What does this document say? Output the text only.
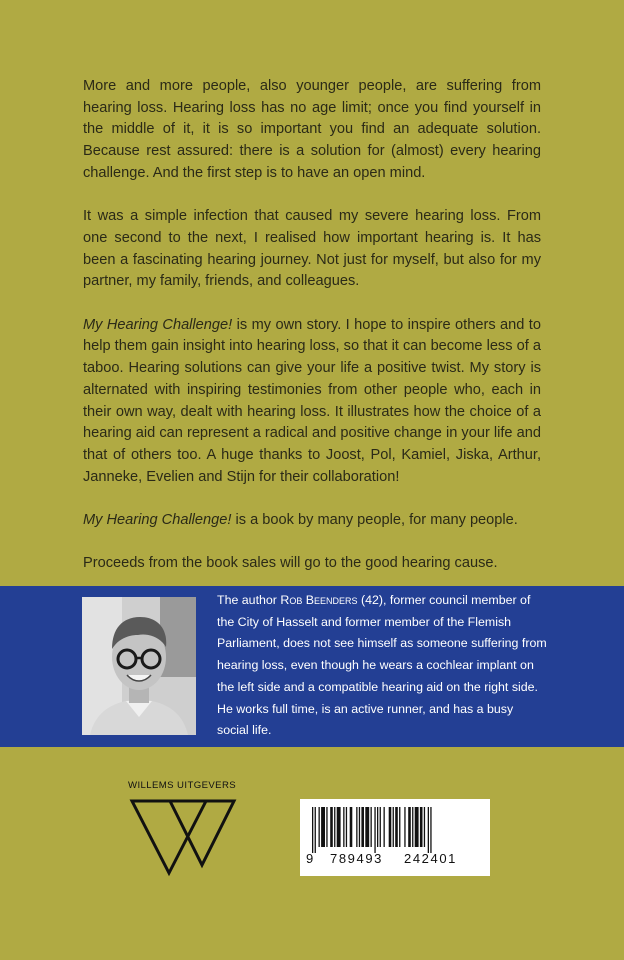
More and more people, also younger people, are suffering from hearing loss. Hearing loss has no age limit; once you find yourself in the middle of it, it is so important you find an adequate solution. Because rest assured: there is a solution for (almost) every hearing challenge. And the first step is to have an open mind.

It was a simple infection that caused my severe hearing loss. From one second to the next, I realised how important hearing is. It has been a fascinating hearing journey. Not just for myself, but also for my partner, my family, friends, and colleagues.

My Hearing Challenge! is my own story. I hope to inspire others and to help them gain insight into hearing loss, so that it can become less of a taboo. Hearing solutions can give your life a positive twist. My story is alternated with inspiring testimonies from other people who, each in their own way, dealt with hearing loss. It illustrates how the choice of a hearing aid can represent a radical and positive change in your life and that of others too. A huge thanks to Joost, Pol, Kamiel, Jiska, Arthur, Janneke, Evelien and Stijn for their collaboration!

My Hearing Challenge! is a book by many people, for many people.

Proceeds from the book sales will go to the good hearing cause.

The author Rob Beenders (42), former council member of the City of Hasselt and former member of the Flemish Parliament, does not see himself as someone suffering from hearing loss, even though he wears a cochlear implant on the left side and a compatible hearing aid on the right side. He works full time, is an active runner, and has a busy social life.
WILLEMS UITGEVERS
9 789493 242401
